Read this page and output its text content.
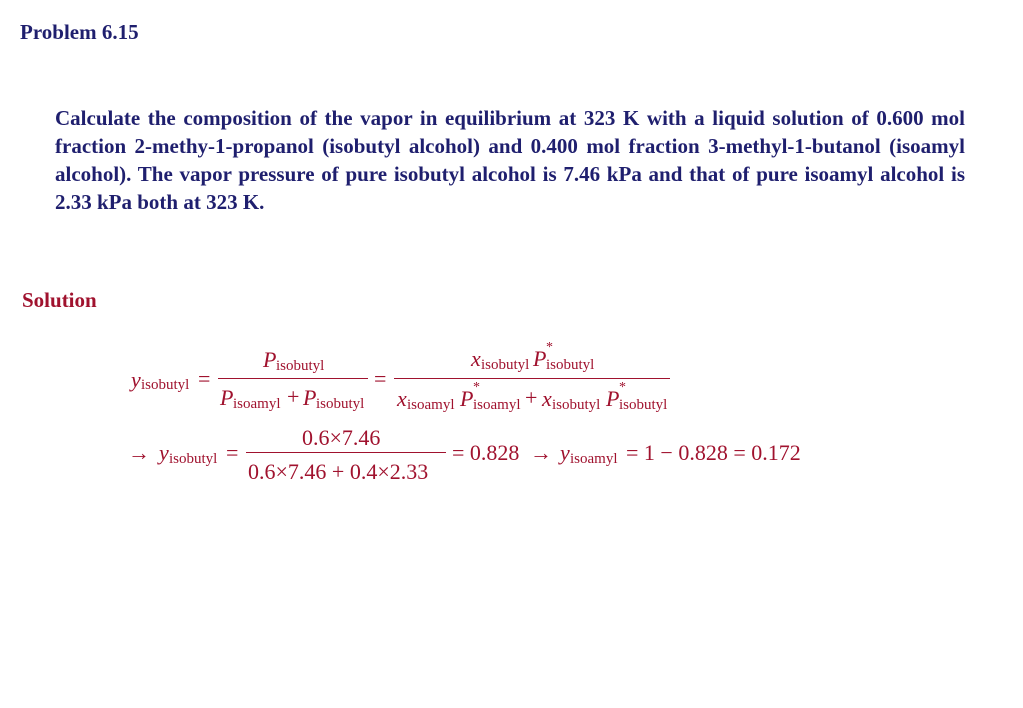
Problem 6.15
Calculate the composition of the vapor in equilibrium at 323 K with a liquid solution of 0.600 mol fraction 2-methy-1-propanol (isobutyl alcohol) and 0.400 mol fraction 3-methyl-1-butanol (isoamyl alcohol). The vapor pressure of pure isobutyl alcohol is 7.46 kPa and that of pure isoamyl alcohol is 2.33 kPa both at 323 K.
Solution
y isobutyl =
P isobutyl
P isoamyl + P isobutyl
=
x isobutyl P *
isobutyl
x isoamyl P *
isoamyl + x isobutyl P *
isobutyl
→ y isobutyl =
0.6×7.46
0.6×7.46 + 0.4×2.33
= 0.828 → y isoamyl = 1 − 0.828 = 0.172
